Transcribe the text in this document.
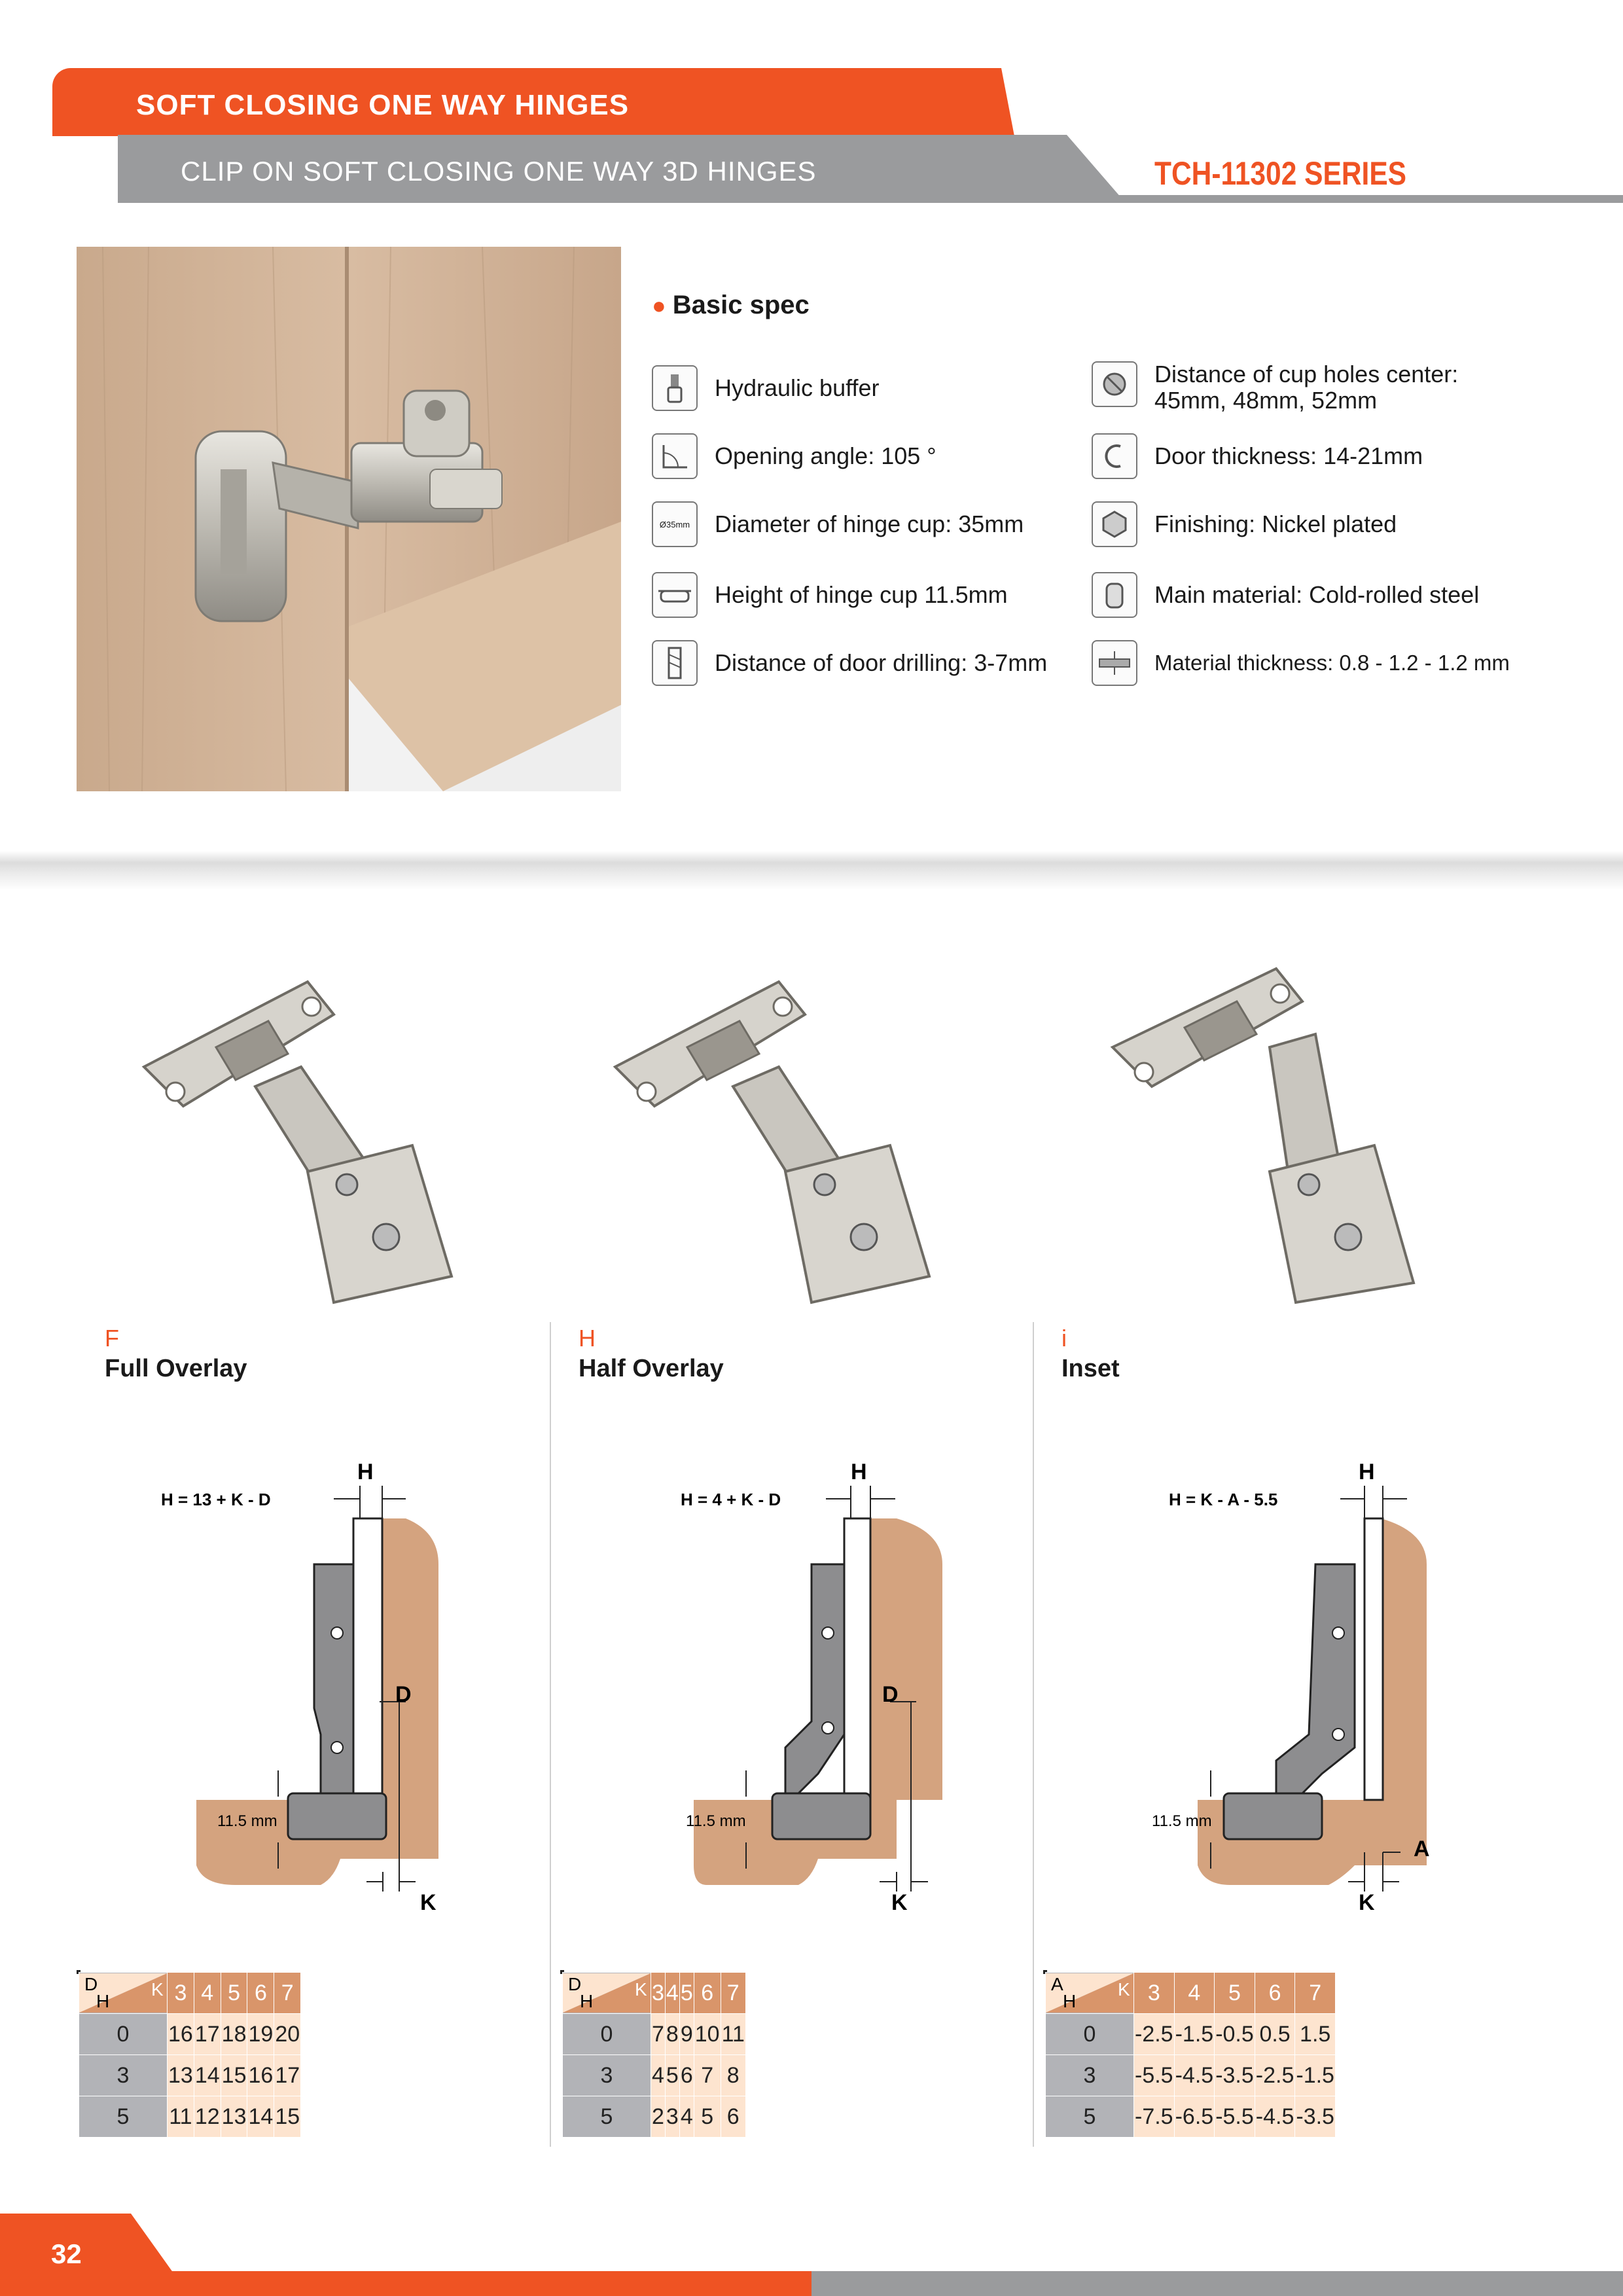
SOFT CLOSING ONE WAY HINGES
CLIP ON SOFT CLOSING ONE WAY 3D HINGES	TCH-11302 SERIES
● Basic spec
Hydraulic buffer
Opening angle: 105 °
Ø35mm Diameter of hinge cup: 35mm
Height of hinge cup 11.5mm
Distance of door drilling: 3-7mm
Distance of cup holes center:
45mm, 48mm, 52mm
Door thickness: 14-21mm
Finishing: Nickel plated
Main material: Cold-rolled steel
Material thickness: 0.8 - 1.2 - 1.2 mm
F
Full Overlay
H
Half Overlay
i
Inset
H = 13 + K - D
H
D
K
11.5 mm
H = 4 + K - D
H
D
K
11.5 mm
H = K - A - 5.5
H
A
K
11.5 mm
D
H
K	3	4	5	6	7
0	16	17	18	19	20
3	13	14	15	16	17
5	11	12	13	14	15
D
H
K	3	4	5	6	7
0	7	8	9	10	11
3	4	5	6	7	8
5	2	3	4	5	6
A
H
K	3	4	5	6	7
0	-2.5	-1.5	-0.5	0.5	1.5
3	-5.5	-4.5	-3.5	-2.5	-1.5
5	-7.5	-6.5	-5.5	-4.5	-3.5
32
